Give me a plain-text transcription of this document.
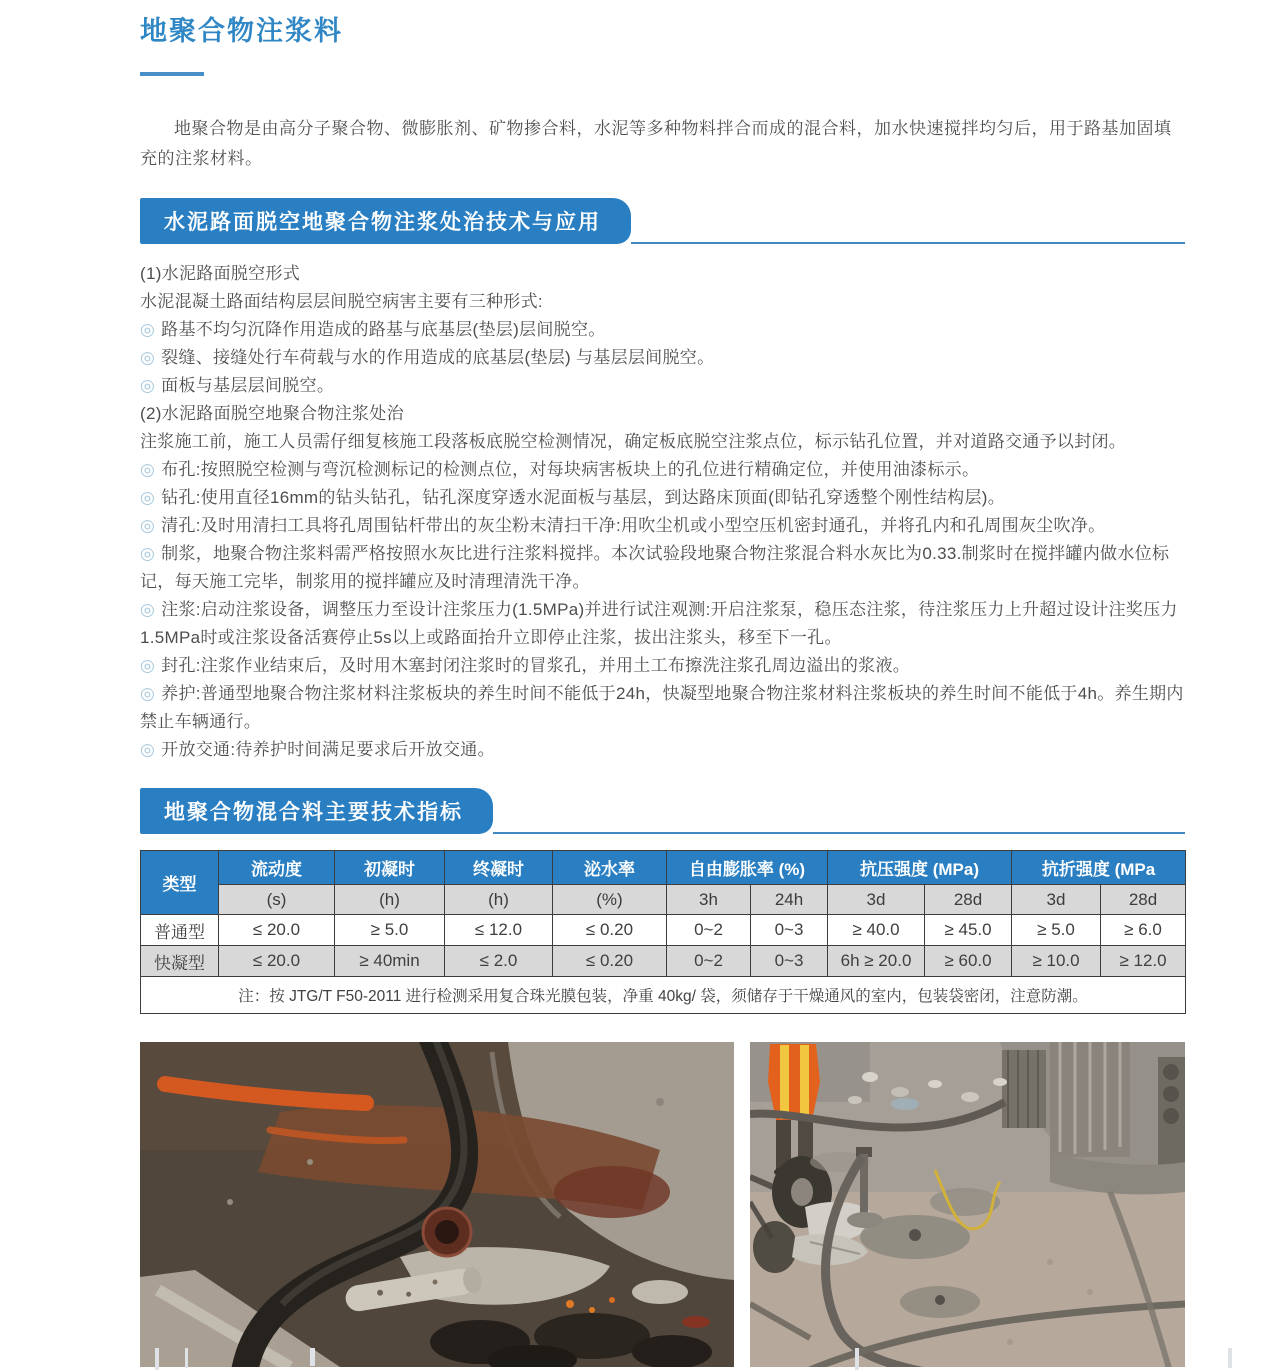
地聚合物注浆料

地聚合物是由高分子聚合物、微膨胀剂、矿物掺合料，水泥等多种物料拌合而成的混合料，加水快速搅拌均匀后，用于路基加固填充的注浆材料。

水泥路面脱空地聚合物注浆处治技术与应用
(1)水泥路面脱空形式
水泥混凝土路面结构层层间脱空病害主要有三种形式:
◎ 路基不均匀沉降作用造成的路基与底基层(垫层)层间脱空。
◎ 裂缝、接缝处行车荷载与水的作用造成的底基层(垫层) 与基层层间脱空。
◎ 面板与基层层间脱空。
(2)水泥路面脱空地聚合物注浆处治
注浆施工前，施工人员需仔细复核施工段落板底脱空检测情况，确定板底脱空注浆点位，标示钻孔位置，并对道路交通予以封闭。
◎ 布孔:按照脱空检测与弯沉检测标记的检测点位，对每块病害板块上的孔位进行精确定位，并使用油漆标示。
◎ 钻孔:使用直径16mm的钻头钻孔，钻孔深度穿透水泥面板与基层，到达路床顶面(即钻孔穿透整个刚性结构层)。
◎ 清孔:及时用清扫工具将孔周围钻杆带出的灰尘粉末清扫干净:用吹尘机或小型空压机密封通孔，并将孔内和孔周围灰尘吹净。
◎ 制浆，地聚合物注浆料需严格按照水灰比进行注浆料搅拌。本次试验段地聚合物注浆混合料水灰比为0.33.制浆时在搅拌罐内做水位标记，每天施工完毕，制浆用的搅拌罐应及时清理清洗干净。
◎ 注浆:启动注浆设备，调整压力至设计注浆压力(1.5MPa)并进行试注观测:开启注浆泵，稳压态注浆，待注浆压力上升超过设计注奖压力1.5MPa时或注浆设备活赛停止5s以上或路面抬升立即停止注浆，拔出注浆头，移至下一孔。
◎ 封孔:注浆作业结束后，及时用木塞封闭注浆时的冒浆孔，并用土工布擦洗注浆孔周边溢出的浆液。
◎ 养护:普通型地聚合物注浆材料注浆板块的养生时间不能低于24h，快凝型地聚合物注浆材料注浆板块的养生时间不能低于4h。养生期内禁止车辆通行。
◎ 开放交通:待养护时间满足要求后开放交通。
地聚合物混合料主要技术指标
类型	流动度	初凝时	终凝时	泌水率	自由膨胀率 (%)		抗压强度 (MPa)		抗折强度 (MPa	
	(s)	(h)	(h)	(%)	3h	24h	3d	28d	3d	28d
普通型	≤ 20.0	≥ 5.0	≤ 12.0	≤ 0.20	0~2	0~3	≥ 40.0	≥ 45.0	≥ 5.0	≥ 6.0
快凝型	≤ 20.0	≥ 40min	≤ 2.0	≤ 0.20	0~2	0~3	6h ≥ 20.0	≥ 60.0	≥ 10.0	≥ 12.0
注：按 JTG/T F50-2011 进行检测采用复合珠光膜包装，净重 40kg/ 袋，须储存于干燥通风的室内，包装袋密闭，注意防潮。										
